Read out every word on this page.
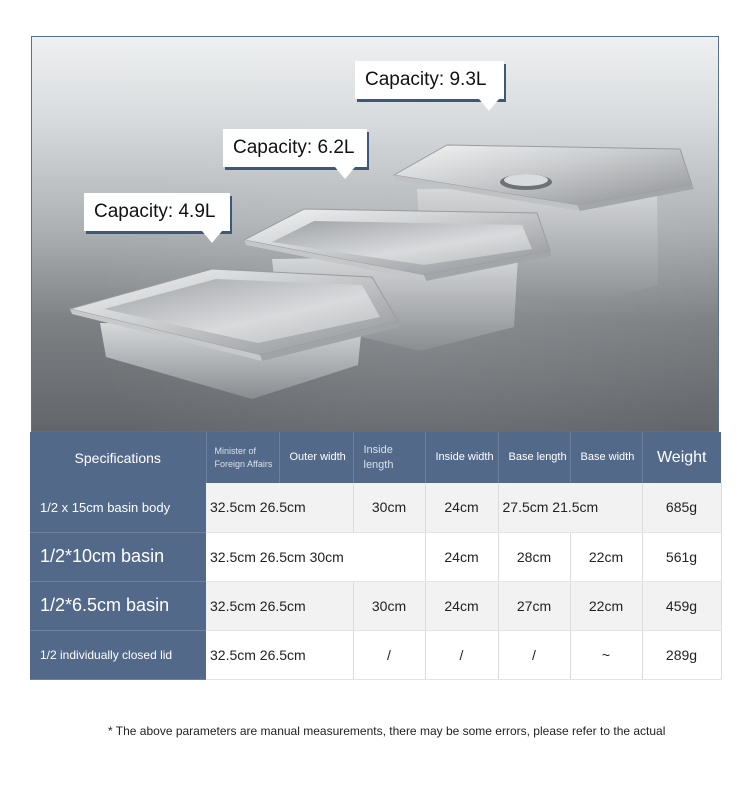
Capacity: 4.9L
Capacity: 6.2L
Capacity: 9.3L
Specifications	Minister of Foreign Affairs	Outer width	Inside length	Inside width	Base length	Base width	Weight
1/2 x 15cm basin body	32.5cm 26.5cm		30cm	24cm	27.5cm 21.5cm		685g
1/2*10cm basin	32.5cm 26.5cm 30cm			24cm	28cm	22cm	561g
1/2*6.5cm basin	32.5cm 26.5cm		30cm	24cm	27cm	22cm	459g
1/2 individually closed lid	32.5cm 26.5cm		/	/	/	~	289g
* The above parameters are manual measurements, there may be some errors, please refer to the actual
